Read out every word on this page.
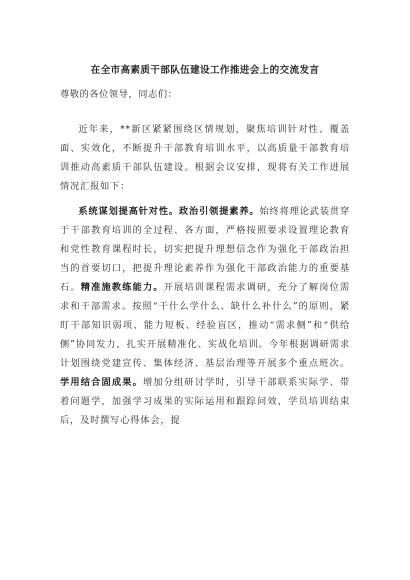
在全市高素质干部队伍建设工作推进会上的交流发言

尊敬的各位领导，同志们：

近年来，**新区紧紧围绕区情规划，聚焦培训针对性、覆盖面、实效化，不断提升干部教育培训水平，以高质量干部教育培训推动高素质干部队伍建设。根据会议安排，现将有关工作进展情况汇报如下：

系统谋划提高针对性。政治引领提素养。始终将理论武装贯穿于干部教育培训的全过程、各方面，严格按照要求设置理论教育和党性教育课程时长，切实把提升理想信念作为强化干部政治担当的首要切口，把提升理论素养作为强化干部政治能力的重要基石。精准施教练能力。开展培训课程需求调研，充分了解岗位需求和干部需求。按照“干什么学什么、缺什么补什么”的原则，紧盯干部知识弱项、能力短板、经验盲区，推动“需求侧”和“供给侧”协同发力，扎实开展精准化、实战化培训。今年根据调研需求计划围绕党建宣传、集体经济、基层治理等开展多个重点班次。学用结合固成果。增加分组研讨学时，引导干部联系实际学、带着问题学，加强学习成果的实际运用和跟踪问效，学员培训结束后，及时撰写心得体会，提
